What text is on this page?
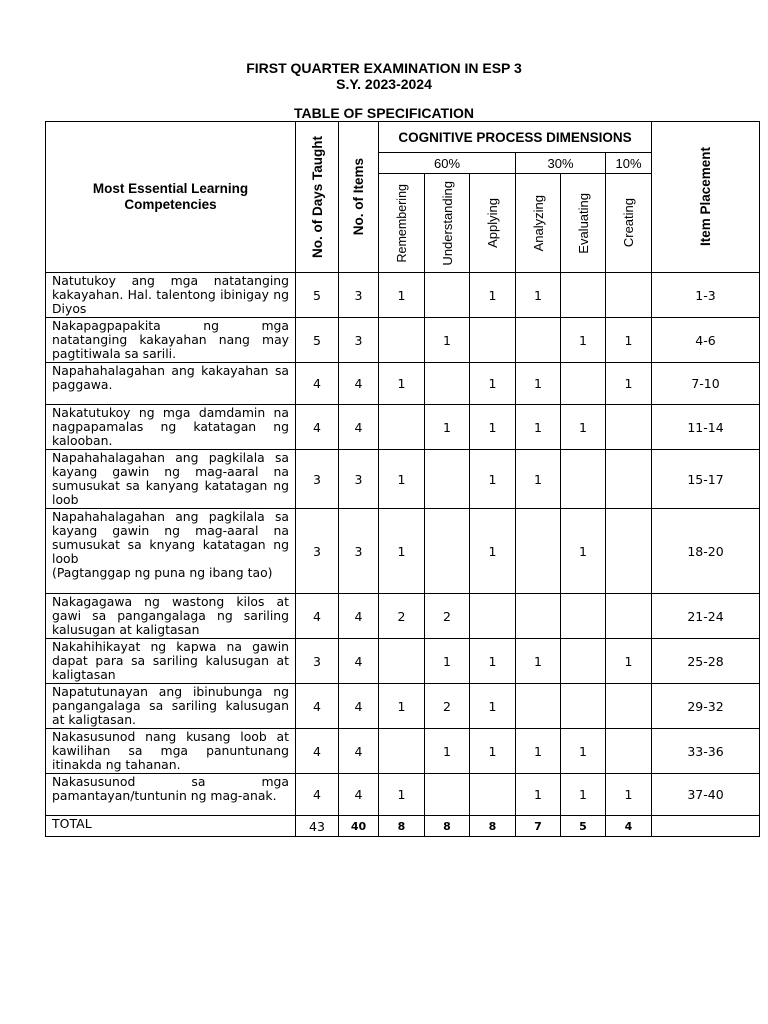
FIRST QUARTER EXAMINATION IN ESP 3
S.Y. 2023-2024
TABLE OF SPECIFICATION
Most Essential Learning Competencies	No. of Days Taught	No. of Items	COGNITIVE PROCESS DIMENSIONS						Item Placement

			60%			30%		10%	

			Remembering	Understanding	Applying	Analyzing	Evaluating	Creating	

Natutukoy ang mga natatanging kakayahan. Hal. talentong ibinigay ng Diyos	5	3	1		1	1			1-3
Nakapagpapakita ng mga natatanging kakayahan nang may pagtitiwala sa sarili.	5	3		1			1	1	4-6
Napahahalagahan ang kakayahan sa paggawa.	4	4	1		1	1		1	7-10
Nakatutukoy ng mga damdamin na nagpapamalas ng katatagan ng kalooban.	4	4		1	1	1	1		11-14
Napahahalagahan ang pagkilala sa kayang gawin ng mag-aaral na sumusukat sa kanyang katatagan ng loob	3	3	1		1	1			15-17
Napahahalagahan ang pagkilala sa kayang gawin ng mag-aaral na sumusukat sa knyang katatagan ng loob
(Pagtanggap ng puna ng ibang tao)	3	3	1		1		1		18-20
Nakagagawa ng wastong kilos at gawi sa pangangalaga ng sariling kalusugan at kaligtasan	4	4	2	2					21-24
Nakahihikayat ng kapwa na gawin dapat para sa sariling kalusugan at kaligtasan	3	4		1	1	1		1	25-28
Napatutunayan ang ibinubunga ng pangangalaga sa sariling kalusugan at kaligtasan.	4	4	1	2	1				29-32
Nakasusunod nang kusang loob at kawilihan sa mga panuntunang itinakda ng tahanan.	4	4		1	1	1	1		33-36
Nakasusunod sa mga pamantayan/tuntunin ng mag-anak.	4	4	1			1	1	1	37-40
TOTAL	43	40	8	8	8	7	5	4	
